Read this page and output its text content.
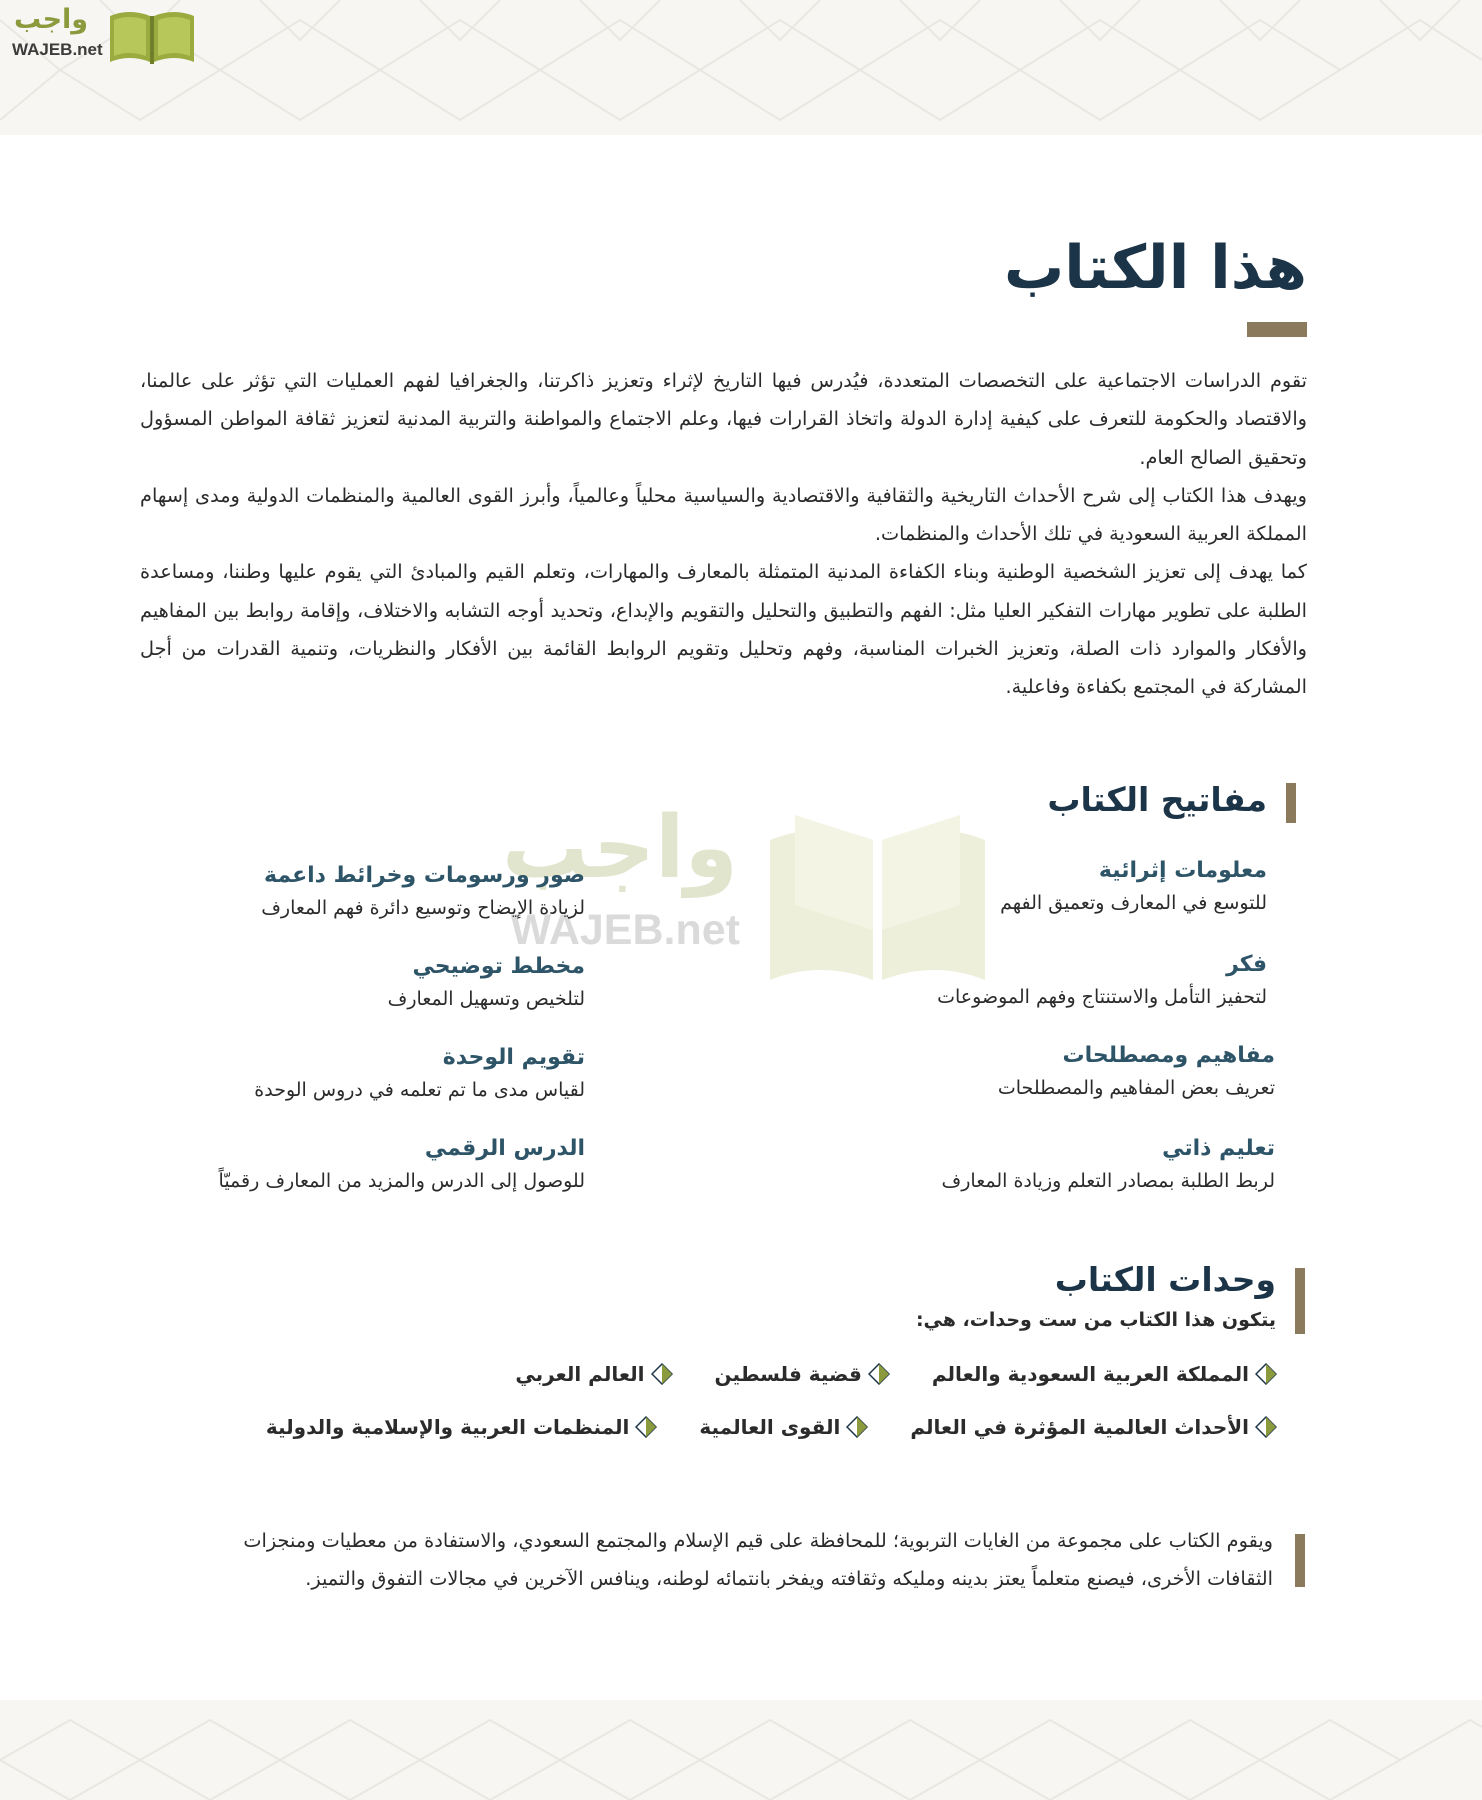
واجب
WAJEB.net
هذا الكتاب

تقوم الدراسات الاجتماعية على التخصصات المتعددة، فيُدرس فيها التاريخ لإثراء وتعزيز ذاكرتنا، والجغرافيا لفهم العمليات التي تؤثر على عالمنا، والاقتصاد والحكومة للتعرف على كيفية إدارة الدولة واتخاذ القرارات فيها، وعلم الاجتماع والمواطنة والتربية المدنية لتعزيز ثقافة المواطن المسؤول وتحقيق الصالح العام.

ويهدف هذا الكتاب إلى شرح الأحداث التاريخية والثقافية والاقتصادية والسياسية محلياً وعالمياً، وأبرز القوى العالمية والمنظمات الدولية ومدى إسهام المملكة العربية السعودية في تلك الأحداث والمنظمات.

كما يهدف إلى تعزيز الشخصية الوطنية وبناء الكفاءة المدنية المتمثلة بالمعارف والمهارات، وتعلم القيم والمبادئ التي يقوم عليها وطننا، ومساعدة الطلبة على تطوير مهارات التفكير العليا مثل: الفهم والتطبيق والتحليل والتقويم والإبداع، وتحديد أوجه التشابه والاختلاف، وإقامة روابط بين المفاهيم والأفكار والموارد ذات الصلة، وتعزيز الخبرات المناسبة، وفهم وتحليل وتقويم الروابط القائمة بين الأفكار والنظريات، وتنمية القدرات من أجل المشاركة في المجتمع بكفاءة وفاعلية.

واجب
WAJEB.net
مفاتيح الكتاب
معلومات إثرائية
للتوسع في المعارف وتعميق الفهم
فكر
لتحفيز التأمل والاستنتاج وفهم الموضوعات
مفاهيم ومصطلحات
تعريف بعض المفاهيم والمصطلحات
تعليم ذاتي
لربط الطلبة بمصادر التعلم وزيادة المعارف
صور ورسومات وخرائط داعمة
لزيادة الإيضاح وتوسيع دائرة فهم المعارف
مخطط توضيحي
لتلخيص وتسهيل المعارف
تقويم الوحدة
لقياس مدى ما تم تعلمه في دروس الوحدة
الدرس الرقمي
للوصول إلى الدرس والمزيد من المعارف رقميّاً
وحدات الكتاب
يتكون هذا الكتاب من ست وحدات، هي:
المملكة العربية السعودية والعالم
قضية فلسطين
العالم العربي
الأحداث العالمية المؤثرة في العالم
القوى العالمية
المنظمات العربية والإسلامية والدولية

ويقوم الكتاب على مجموعة من الغايات التربوية؛ للمحافظة على قيم الإسلام والمجتمع السعودي، والاستفادة من معطيات ومنجزات

الثقافات الأخرى، فيصنع متعلماً يعتز بدينه ومليكه وثقافته ويفخر بانتمائه لوطنه، وينافس الآخرين في مجالات التفوق والتميز.
